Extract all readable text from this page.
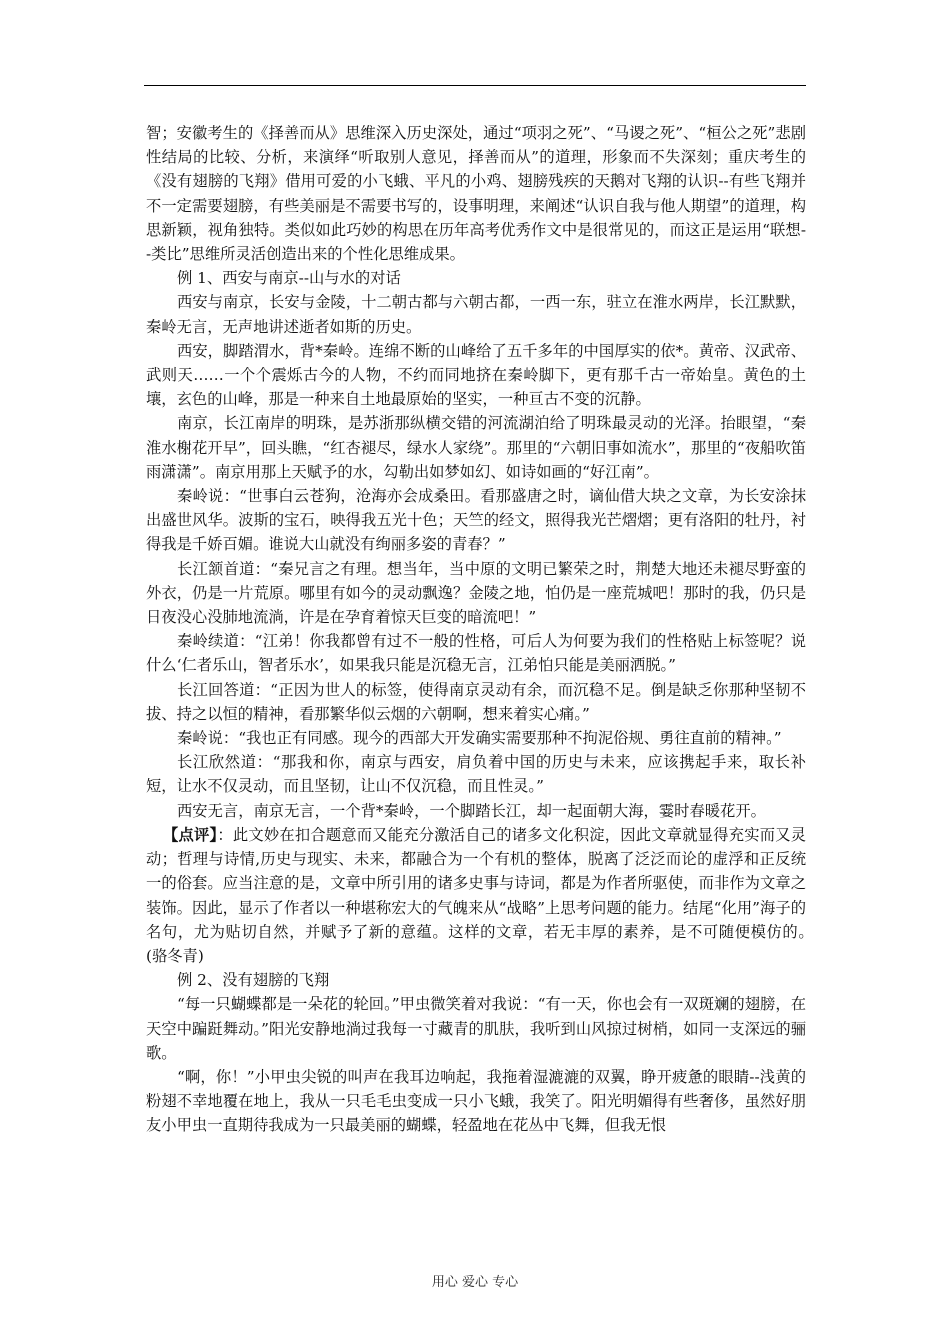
智；安徽考生的《择善而从》思维深入历史深处，通过“项羽之死”、“马谡之死”、“桓公之死”悲剧性结局的比较、分析，来演绎“听取别人意见，择善而从”的道理，形象而不失深刻；重庆考生的《没有翅膀的飞翔》借用可爱的小飞蛾、平凡的小鸡、翅膀残疾的天鹅对飞翔的认识--有些飞翔并不一定需要翅膀，有些美丽是不需要书写的，设事明理，来阐述“认识自我与他人期望”的道理，构思新颖，视角独特。类似如此巧妙的构思在历年高考优秀作文中是很常见的，而这正是运用“联想--类比”思维所灵活创造出来的个性化思维成果。

例 1、西安与南京--山与水的对话

西安与南京，长安与金陵，十二朝古都与六朝古都，一西一东，驻立在淮水两岸，长江默默，秦岭无言，无声地讲述逝者如斯的历史。

西安，脚踏渭水，背*秦岭。连绵不断的山峰给了五千多年的中国厚实的依*。黄帝、汉武帝、武则天……一个个震烁古今的人物，不约而同地挤在秦岭脚下，更有那千古一帝始皇。黄色的土壤，玄色的山峰，那是一种来自土地最原始的坚实，一种亘古不变的沉静。

南京，长江南岸的明珠，是苏浙那纵横交错的河流湖泊给了明珠最灵动的光泽。抬眼望，“秦淮水榭花开早”，回头瞧，“红杏褪尽，绿水人家绕”。那里的“六朝旧事如流水”，那里的“夜船吹笛雨潇潇”。南京用那上天赋予的水，勾勒出如梦如幻、如诗如画的“好江南”。

秦岭说：“世事白云苍狗，沧海亦会成桑田。看那盛唐之时，谪仙借大块之文章，为长安涂抹出盛世风华。波斯的宝石，映得我五光十色；天竺的经文，照得我光芒熠熠；更有洛阳的牡丹，衬得我是千娇百媚。谁说大山就没有绚丽多姿的青春？”

长江颔首道：“秦兄言之有理。想当年，当中原的文明已繁荣之时，荆楚大地还未褪尽野蛮的外衣，仍是一片荒原。哪里有如今的灵动飘逸？金陵之地，怕仍是一座荒城吧！那时的我，仍只是日夜没心没肺地流淌，许是在孕育着惊天巨变的暗流吧！”

秦岭续道：“江弟！你我都曾有过不一般的性格，可后人为何要为我们的性格贴上标签呢？说什么‘仁者乐山，智者乐水’，如果我只能是沉稳无言，江弟怕只能是美丽洒脱。”

长江回答道：“正因为世人的标签，使得南京灵动有余，而沉稳不足。倒是缺乏你那种坚韧不拔、持之以恒的精神，看那繁华似云烟的六朝啊，想来着实心痛。”

秦岭说：“我也正有同感。现今的西部大开发确实需要那种不拘泥俗规、勇往直前的精神。”

长江欣然道：“那我和你，南京与西安，肩负着中国的历史与未来，应该携起手来，取长补短，让水不仅灵动，而且坚韧，让山不仅沉稳，而且性灵。”

西安无言，南京无言，一个背*秦岭，一个脚踏长江，却一起面朝大海，霎时春暖花开。

【点评】：此文妙在扣合题意而又能充分激活自己的诸多文化积淀，因此文章就显得充实而又灵动；哲理与诗情,历史与现实、未来，都融合为一个有机的整体，脱离了泛泛而论的虚浮和正反统一的俗套。应当注意的是，文章中所引用的诸多史事与诗词，都是为作者所驱使，而非作为文章之装饰。因此，显示了作者以一种堪称宏大的气魄来从“战略”上思考问题的能力。结尾“化用”海子的名句，尤为贴切自然，并赋予了新的意蕴。这样的文章，若无丰厚的素养，是不可随便模仿的。　(骆冬青)

例 2、没有翅膀的飞翔

“每一只蝴蝶都是一朵花的轮回。”甲虫微笑着对我说：“有一天，你也会有一双斑斓的翅膀，在天空中蹁跹舞动。”阳光安静地淌过我每一寸藏青的肌肤，我听到山风掠过树梢，如同一支深远的骊歌。

“啊，你！”小甲虫尖锐的叫声在我耳边响起，我拖着湿漉漉的双翼，睁开疲惫的眼睛--浅黄的粉翅不幸地覆在地上，我从一只毛毛虫变成一只小飞蛾，我笑了。阳光明媚得有些奢侈，虽然好朋友小甲虫一直期待我成为一只最美丽的蝴蝶，轻盈地在花丛中飞舞，但我无恨

用心 爱心 专心
